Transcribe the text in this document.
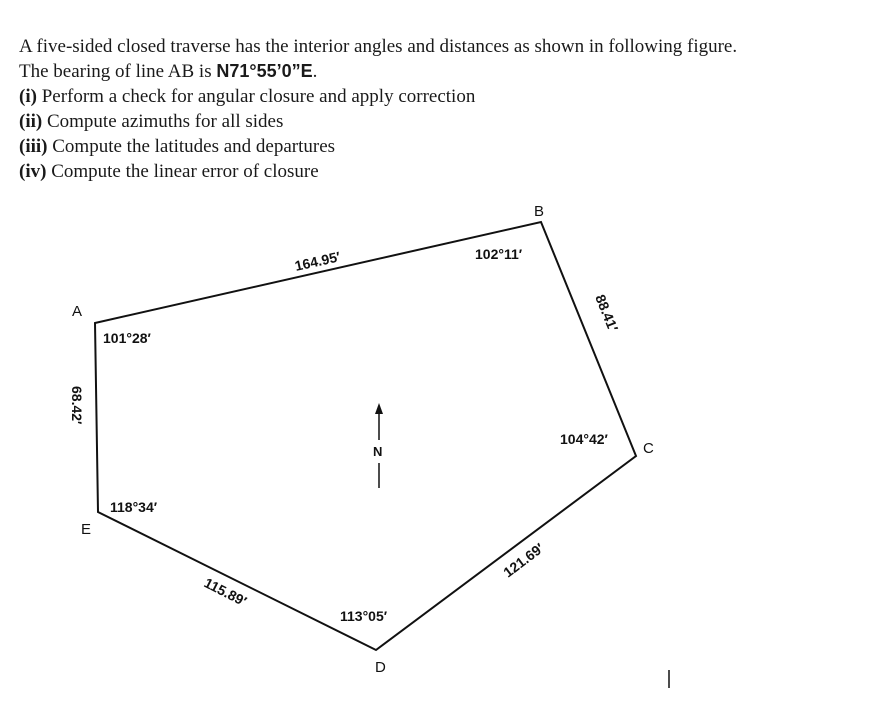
A five-sided closed traverse has the interior angles and distances as shown in following figure.

The bearing of line AB is N71°55’0”E.

(i) Perform a check for angular closure and apply correction

(ii) Compute azimuths for all sides

(iii) Compute the latitudes and departures

(iv) Compute the linear error of closure

A
B
C
D
E
101°28′
102°11′
104°42′
113°05′
118°34′
164.95′
88.41′
121.69′
115.89′
68.42′
N
